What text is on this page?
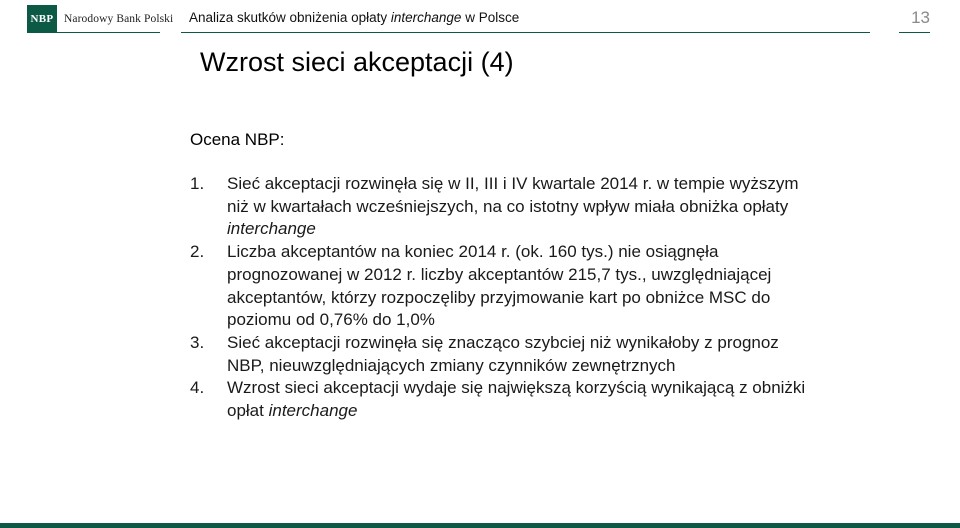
NBP Narodowy Bank Polski Analiza skutków obniżenia opłaty interchange w Polsce	13
Wzrost sieci akceptacji (4)
Ocena NBP:
1.	Sieć akceptacji rozwinęła się w II, III i IV kwartale 2014 r. w tempie wyższym niż w kwartałach wcześniejszych, na co istotny wpływ miała obniżka opłaty interchange
2.	Liczba akceptantów na koniec 2014 r. (ok. 160 tys.) nie osiągnęła prognozowanej w 2012 r. liczby akceptantów 215,7 tys., uwzględniającej akceptantów, którzy rozpoczęliby przyjmowanie kart po obniżce MSC do poziomu od 0,76% do 1,0%
3.	Sieć akceptacji rozwinęła się znacząco szybciej niż wynikałoby z prognoz NBP, nieuwzględniających zmiany czynników zewnętrznych
4.	Wzrost sieci akceptacji wydaje się największą korzyścią wynikającą z obniżki opłat interchange
